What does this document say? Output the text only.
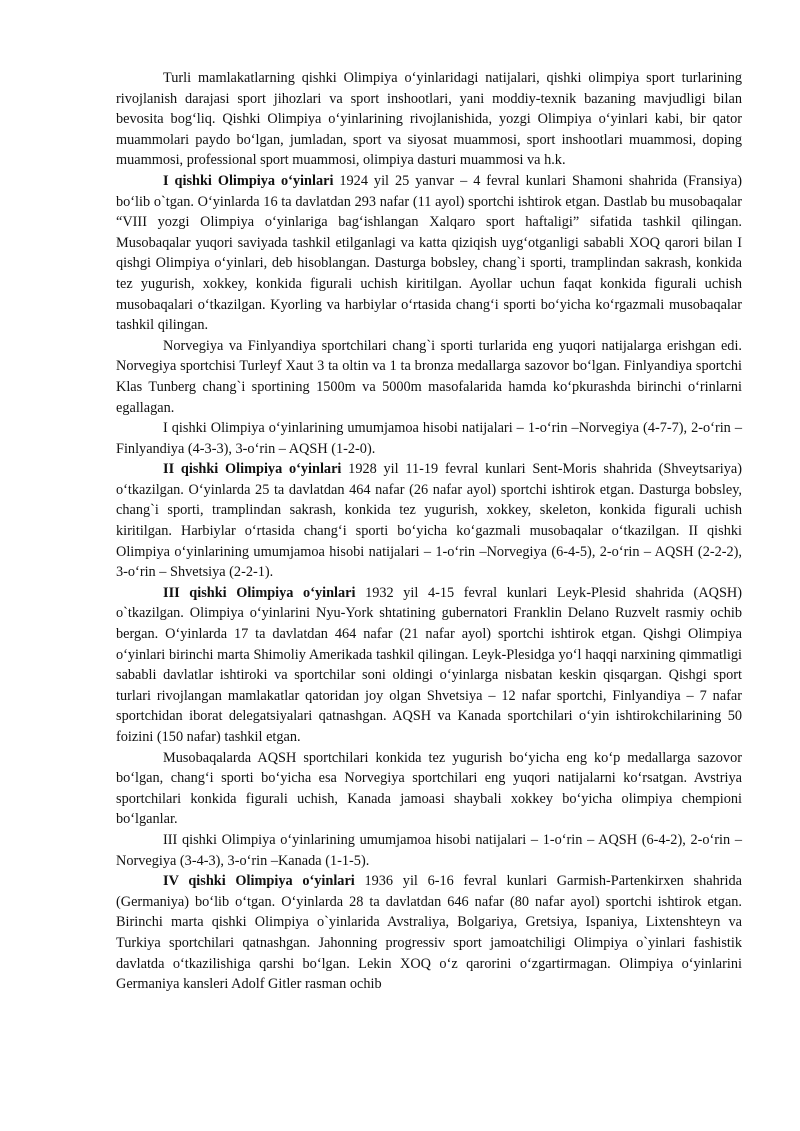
Turli mamlakatlarning qishki Olimpiya o‘yinlaridagi natijalari, qishki olimpiya sport turlarining rivojlanish darajasi sport jihozlari va sport inshootlari, yani moddiy-texnik bazaning mavjudligi bilan bevosita bog‘liq. Qishki Olimpiya o‘yinlarining rivojlanishida, yozgi Olimpiya o‘yinlari kabi, bir qator muammolari paydo bo‘lgan, jumladan, sport va siyosat muammosi, sport inshootlari muammosi, doping muammosi, professional sport muammosi, olimpiya dasturi muammosi va h.k.

I qishki Olimpiya o‘yinlari 1924 yil 25 yanvar – 4 fevral kunlari Shamoni shahrida (Fransiya) bo‘lib o`tgan. O‘yinlarda 16 ta davlatdan 293 nafar (11 ayol) sportchi ishtirok etgan. Dastlab bu musobaqalar “VIII yozgi Olimpiya o‘yinlariga bag‘ishlangan Xalqaro sport haftaligi” sifatida tashkil qilingan. Musobaqalar yuqori saviyada tashkil etilganlagi va katta qiziqish uyg‘otganligi sababli XOQ qarori bilan I qishgi Olimpiya o‘yinlari, deb hisoblangan. Dasturga bobsley, chang`i sporti, tramplindan sakrash, konkida tez yugurish, xokkey, konkida figurali uchish kiritilgan. Ayollar uchun faqat konkida figurali uchish musobaqalari o‘tkazilgan. Kyorling va harbiylar o‘rtasida chang‘i sporti bo‘yicha ko‘rgazmali musobaqalar tashkil qilingan.

Norvegiya va Finlyandiya sportchilari chang`i sporti turlarida eng yuqori natijalarga erishgan edi. Norvegiya sportchisi Turleyf Xaut 3 ta oltin va 1 ta bronza medallarga sazovor bo‘lgan. Finlyandiya sportchi Klas Tunberg chang`i sportining 1500m va 5000m masofalarida hamda ko‘pkurashda birinchi o‘rinlarni egallagan.

I qishki Olimpiya o‘yinlarining umumjamoa hisobi natijalari – 1-o‘rin –Norvegiya (4-7-7), 2-o‘rin – Finlyandiya (4-3-3), 3-o‘rin – AQSH (1-2-0).

II qishki Olimpiya o‘yinlari 1928 yil 11-19 fevral kunlari Sent-Moris shahrida (Shveytsariya) o‘tkazilgan. O‘yinlarda 25 ta davlatdan 464 nafar (26 nafar ayol) sportchi ishtirok etgan. Dasturga bobsley, chang`i sporti, tramplindan sakrash, konkida tez yugurish, xokkey, skeleton, konkida figurali uchish kiritilgan. Harbiylar o‘rtasida chang‘i sporti bo‘yicha ko‘gazmali musobaqalar o‘tkazilgan. II qishki Olimpiya o‘yinlarining umumjamoa hisobi natijalari – 1-o‘rin –Norvegiya (6-4-5), 2-o‘rin – AQSH (2-2-2), 3-o‘rin – Shvetsiya (2-2-1).

III qishki Olimpiya o‘yinlari 1932 yil 4-15 fevral kunlari Leyk-Plesid shahrida (AQSH) o`tkazilgan. Olimpiya o‘yinlarini Nyu-York shtatining gubernatori Franklin Delano Ruzvelt rasmiy ochib bergan. O‘yinlarda 17 ta davlatdan 464 nafar (21 nafar ayol) sportchi ishtirok etgan. Qishgi Olimpiya o‘yinlari birinchi marta Shimoliy Amerikada tashkil qilingan. Leyk-Plesidga yo‘l haqqi narxining qimmatligi sababli davlatlar ishtiroki va sportchilar soni oldingi o‘yinlarga nisbatan keskin qisqargan. Qishgi sport turlari rivojlangan mamlakatlar qatoridan joy olgan Shvetsiya – 12 nafar sportchi, Finlyandiya – 7 nafar sportchidan iborat delegatsiyalari qatnashgan. AQSH va Kanada sportchilari o‘yin ishtirokchilarining 50 foizini (150 nafar) tashkil etgan.

Musobaqalarda AQSH sportchilari konkida tez yugurish bo‘yicha eng ko‘p medallarga sazovor bo‘lgan, chang‘i sporti bo‘yicha esa Norvegiya sportchilari eng yuqori natijalarni ko‘rsatgan. Avstriya sportchilari konkida figurali uchish, Kanada jamoasi shaybali xokkey bo‘yicha olimpiya chempioni bo‘lganlar.

III qishki Olimpiya o‘yinlarining umumjamoa hisobi natijalari – 1-o‘rin – AQSH (6-4-2), 2-o‘rin – Norvegiya (3-4-3), 3-o‘rin –Kanada (1-1-5).

IV qishki Olimpiya o‘yinlari 1936 yil 6-16 fevral kunlari Garmish-Partenkirxen shahrida (Germaniya) bo‘lib o‘tgan. O‘yinlarda 28 ta davlatdan 646 nafar (80 nafar ayol) sportchi ishtirok etgan. Birinchi marta qishki Olimpiya o`yinlarida Avstraliya, Bolgariya, Gretsiya, Ispaniya, Lixtenshteyn va Turkiya sportchilari qatnashgan. Jahonning progressiv sport jamoatchiligi Olimpiya o`yinlari fashistik davlatda o‘tkazilishiga qarshi bo‘lgan. Lekin XOQ o‘z qarorini o‘zgartirmagan. Olimpiya o‘yinlarini Germaniya kansleri Adolf Gitler rasman ochib
